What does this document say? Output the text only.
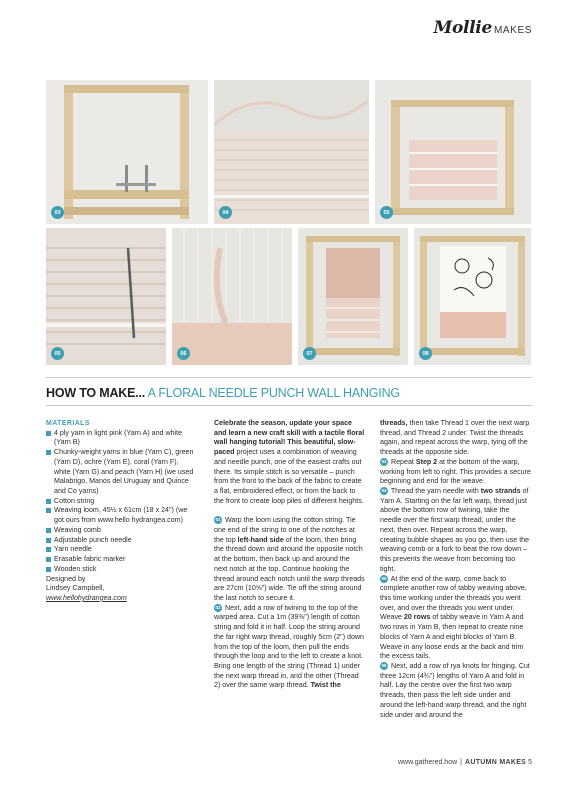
Mollie MAKES
03	04	05
05	06	07	08
HOW TO MAKE... A FLORAL NEEDLE PUNCH WALL HANGING

MATERIALS

4 ply yarn in light pink (Yarn A) and white (Yarn B)
Chunky-weight yarns in blue (Yarn C), green (Yarn D), ochre (Yarn E), coral (Yarn F), white (Yarn G) and peach (Yarn H) (we used Malabrigo, Manos del Uruguay and Quince and Co yarns)
Cotton string
Weaving loom, 45½ x 61cm (18 x 24") (we got ours from www.hello hydrangea.com)
Weaving comb
Adjustable punch needle
Yarn needle
Erasable fabric marker
Wooden stick

Designed by
Lindsey Campbell,
www.hellohydrangea.com

Celebrate the season, update your space and learn a new craft skill with a tactile floral wall hanging tutorial! This beautiful, slow-paced project uses a combination of weaving and needle punch, one of the easiest crafts out there. Its simple stitch is so versatile – punch from the front to the back of the fabric to create a flat, embroidered effect, or from the back to the front to create loop piles of different heights.

01 Warp the loom using the cotton string. Tie one end of the string to one of the notches at the top left-hand side of the loom, then bring the thread down and around the opposite notch at the bottom, then back up and around the next notch at the top. Continue hooking the thread around each notch until the warp threads are 27cm (10⅝") wide. Tie off the string around the last notch to secure it.

02 Next, add a row of twining to the top of the warped area. Cut a 1m (39⅜") length of cotton string and fold it in half. Loop the string around the far right warp thread, roughly 5cm (2") down from the top of the loom, then pull the ends through the loop and to the left to create a knot. Bring one length of the string (Thread 1) under the next warp thread in, and the other (Thread 2) over the same warp thread. Twist the

threads, then take Thread 1 over the next warp thread, and Thread 2 under. Twist the threads again, and repeat across the warp, tying off the threads at the opposite side.

03 Repeat Step 2 at the bottom of the warp, working from left to right. This provides a secure beginning and end for the weave.

04 Thread the yarn needle with two strands of Yarn A. Starting on the far left warp, thread just above the bottom row of twining, take the needle over the first warp thread, under the next, then over. Repeat across the warp, creating bubble shapes as you go, then use the weaving comb or a fork to beat the row down – this prevents the weave from becoming too tight.

05 At the end of the warp, come back to complete another row of tabby weaving above, this time working under the threads you went over, and over the threads you went under. Weave 20 rows of tabby weave in Yarn A and two rows in Yarn B, then repeat to create nine blocks of Yarn A and eight blocks of Yarn B. Weave in any loose ends at the back and trim the excess tails.

06 Next, add a row of rya knots for fringing. Cut three 12cm (4¾") lengths of Yarn A and fold in half. Lay the centre over the first two warp threads, then pass the left side under and around the left-hand warp thread, and the right side under and around the

www.gathered.how | AUTUMN MAKES 5
